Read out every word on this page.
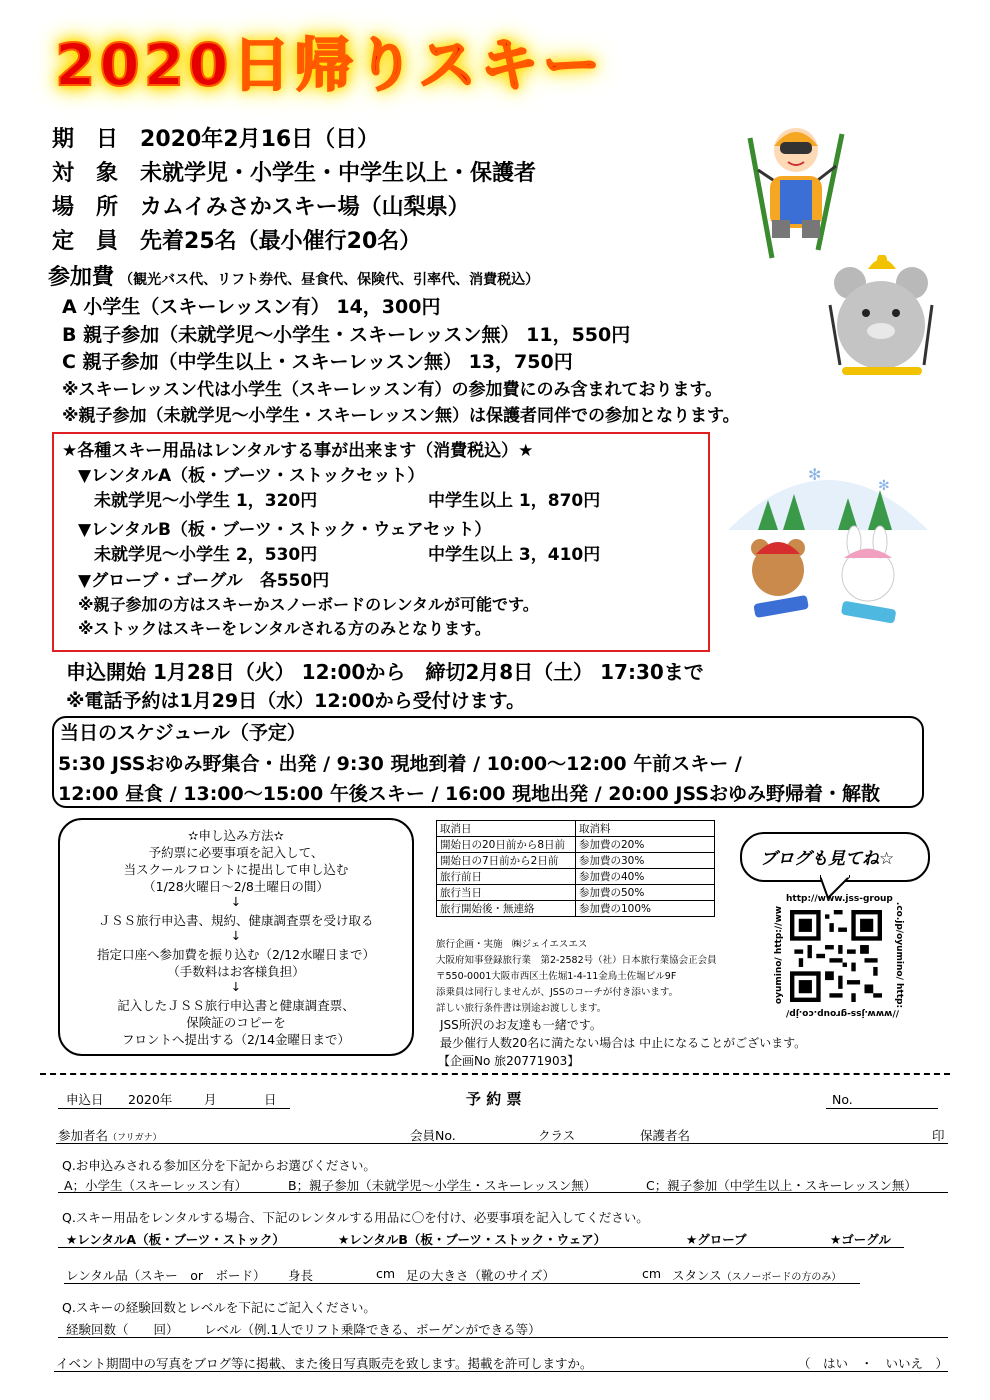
2020日帰りスキー
期　日　 2020年2月16日（日）
対　象　 未就学児・小学生・中学生以上・保護者
場　所　 カムイみさかスキー場（山梨県）
定　員　 先着25名（最小催行20名）
参加費 （観光バス代、リフト券代、昼食代、保険代、引率代、消費税込）
A 小学生（スキーレッスン有） 14，300円
B 親子参加（未就学児～小学生・スキーレッスン無） 11，550円
C 親子参加（中学生以上・スキーレッスン無） 13，750円
※スキーレッスン代は小学生（スキーレッスン有）の参加費にのみ含まれております。
※親子参加（未就学児～小学生・スキーレッスン無）は保護者同伴での参加となります。
★各種スキー用品はレンタルする事が出来ます（消費税込）★
▼レンタルA（板・ブーツ・ストックセット）
未就学児～小学生 1，320円	中学生以上 1，870円
▼レンタルB（板・ブーツ・ストック・ウェアセット）
未就学児～小学生 2，530円	中学生以上 3，410円
▼グローブ・ゴーグル　各550円
※親子参加の方はスキーかスノーボードのレンタルが可能です。
※ストックはスキーをレンタルされる方のみとなります。
✻
✻
申込開始 1月28日（火） 12:00から　締切2月8日（土） 17:30まで
※電話予約は1月29日（水）12:00から受付けます。
当日のスケジュール（予定）
5:30 JSSおゆみ野集合・出発 / 9:30 現地到着 / 10:00～12:00 午前スキー /
12:00 昼食 / 13:00～15:00 午後スキー / 16:00 現地出発 / 20:00 JSSおゆみ野帰着・解散
✫申し込み方法✫
予約票に必要事項を記入して、
当スクールフロントに提出して申し込む
（1/28火曜日～2/8土曜日の間）
↓
ＪＳＳ旅行申込書、規約、健康調査票を受け取る
↓
指定口座へ参加費を振り込む（2/12水曜日まで）
（手数料はお客様負担）
↓
記入したＪＳＳ旅行申込書と健康調査票、
保険証のコピーを
フロントへ提出する（2/14金曜日まで）
取消日	取消料
開始日の20日前から8日前	参加費の20%
開始日の7日前から2日前	参加費の30%
旅行前日	参加費の40%
旅行当日	参加費の50%
旅行開始後・無連絡	参加費の100%
旅行企画・実施　㈱ジェイエスエス
大阪府知事登録旅行業　第2-2582号（社）日本旅行業協会正会員
〒550-0001大阪市西区土佐堀1-4-11金鳥土佐堀ビル9F
添乗員は同行しませんが、JSSのコーチが付き添います。
詳しい旅行条件書は別途お渡しします。
JSS所沢のお友達も一緒です。
最少催行人数20名に満たない場合は 中止になることがございます。
【企画No 旅20771903】
ブログも見てね☆
http://www.jss-group
.co.jp/oyumino/ http:
//www.jss-group.co.jp/
oyumino/ http://ww
申込日 2020年	月	日	予 約 票	No.
参加者名（フリガナ）	会員No.	クラス	保護者名	印
Q.お申込みされる参加区分を下記からお選びください。
A；小学生（スキーレッスン有）	B；親子参加（未就学児～小学生・スキーレッスン無）	C；親子参加（中学生以上・スキーレッスン無）
Q.スキー用品をレンタルする場合、下記のレンタルする用品に〇を付け、必要事項を記入してください。
★レンタルA（板・ブーツ・ストック）	★レンタルB（板・ブーツ・ストック・ウェア）	★グローブ	★ゴーグル
レンタル品（スキー　or　ボード） 身長	cm 足の大きさ（靴のサイズ）	cm スタンス（スノーボードの方のみ）
Q.スキーの経験回数とレベルを下記にご記入ください。
経験回数（　　回） レベル（例.1人でリフト乗降できる、ボーゲンができる等）
イベント期間中の写真をブログ等に掲載、また後日写真販売を致します。掲載を許可しますか。	（　はい　・　いいえ　）
